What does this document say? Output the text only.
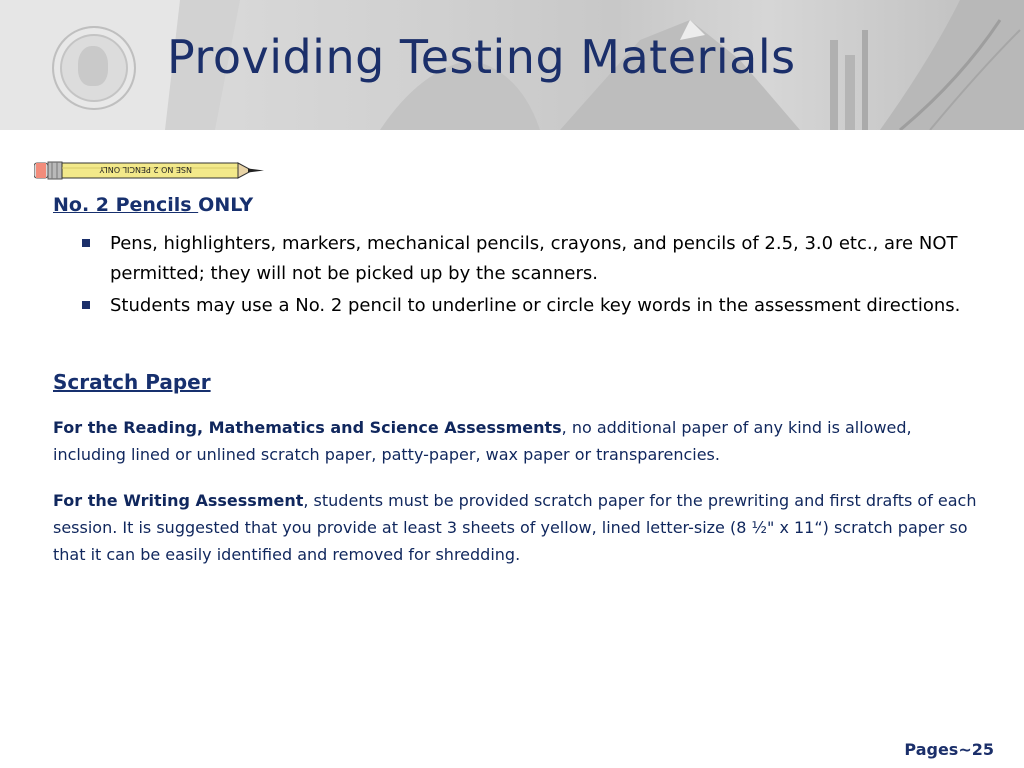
Providing Testing Materials
NSE NO 2 PENCIL ONLY
No. 2 Pencils ONLY
Pens, highlighters, markers, mechanical pencils, crayons, and pencils of 2.5, 3.0 etc., are NOT permitted; they will not be picked up by the scanners.
Students may use a No. 2 pencil to underline or circle key words in the assessment directions.
Scratch Paper

For the Reading, Mathematics and Science Assessments, no additional paper of any kind is allowed, including lined or unlined scratch paper, patty-paper, wax paper or transparencies.

For the Writing Assessment, students must be provided scratch paper for the prewriting and first drafts of each session. It is suggested that you provide at least 3 sheets of yellow, lined letter-size (8 ½" x 11“) scratch paper so that it can be easily identified and removed for shredding.

Pages~25
